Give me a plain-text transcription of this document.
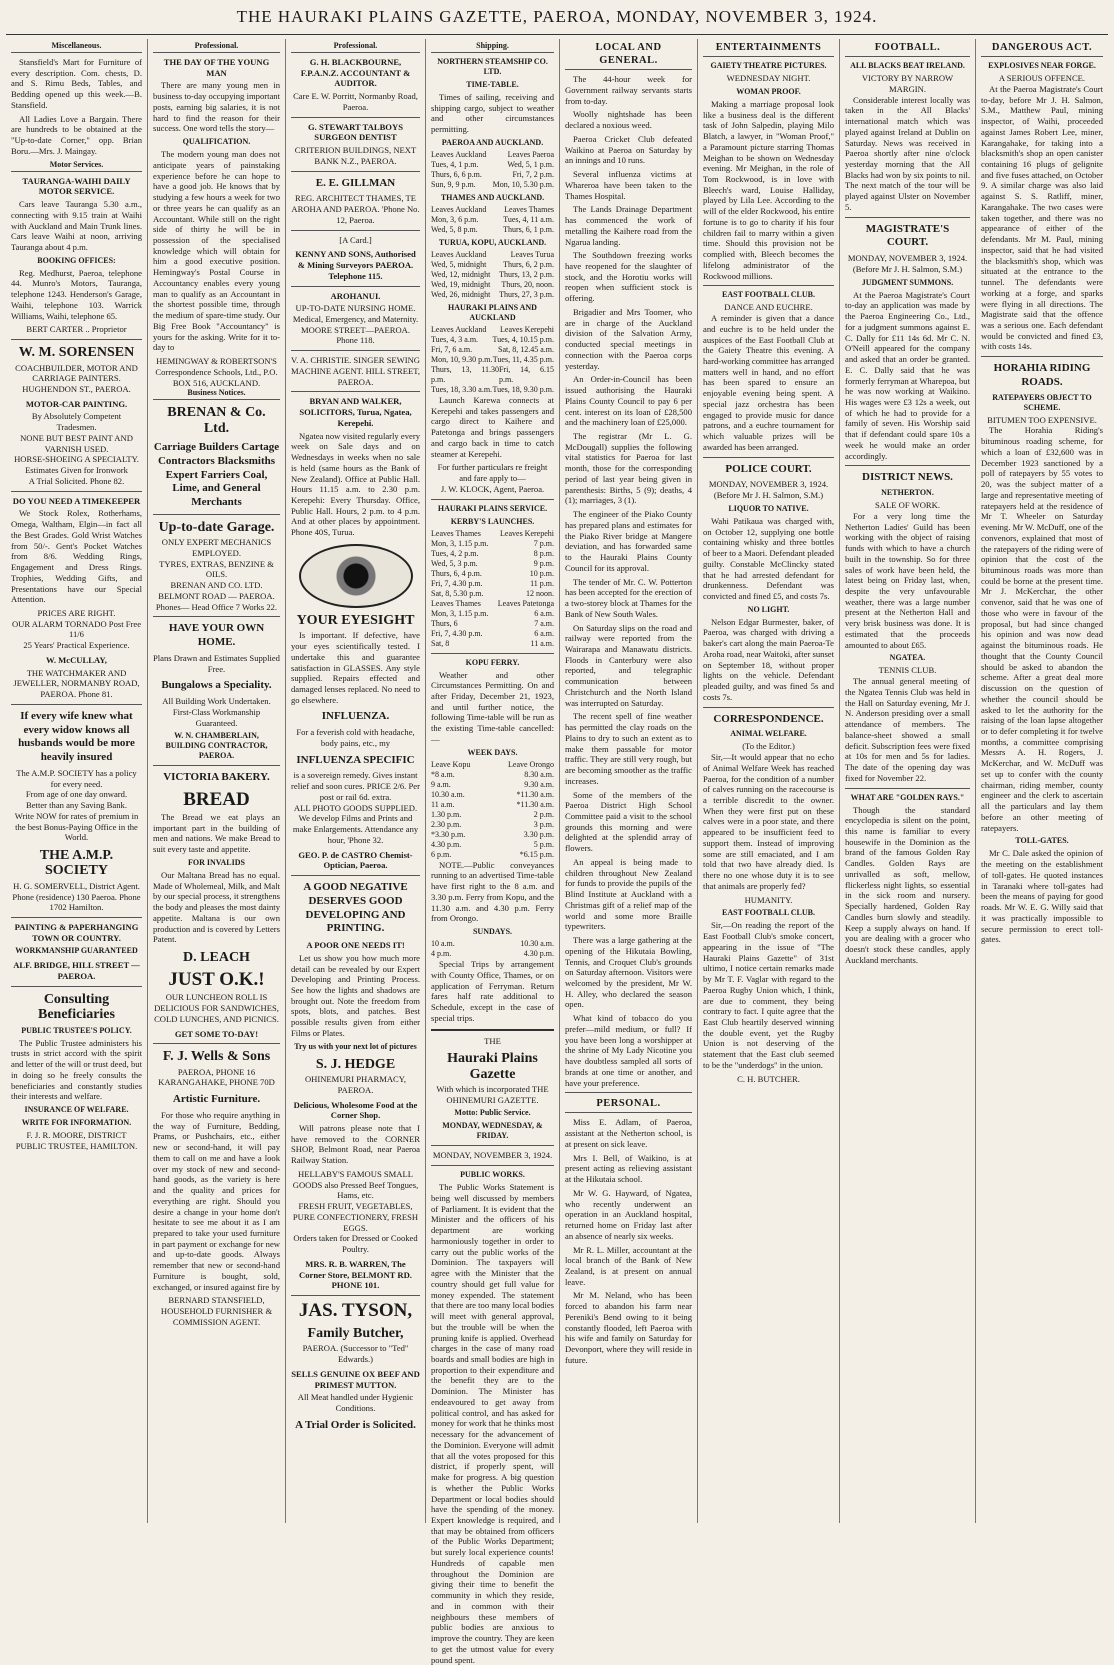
THE HAURAKI PLAINS GAZETTE, PAEROA, MONDAY, NOVEMBER 3, 1924.
Miscellaneous.

Stansfield's Mart for Furniture of every description. Com. chests, D. and S. Rimu Beds, Tables, and Bedding opened up this week.—B. Stansfield.

All Ladies Love a Bargain. There are hundreds to be obtained at the "Up-to-date Corner," opp. Brian Boru.—Mrs. J. Maingay.

Motor Services.
TAURANGA-WAIHI DAILY MOTOR SERVICE.

Cars leave Tauranga 5.30 a.m., connecting with 9.15 train at Waihi with Auckland and Main Trunk lines. Cars leave Waihi at noon, arriving Tauranga about 4 p.m.

BOOKING OFFICES:

Reg. Medhurst, Paeroa, telephone 44. Munro's Motors, Tauranga, telephone 1243. Henderson's Garage, Waihi, telephone 103. Warrick Williams, Waihi, telephone 65.

BERT CARTER .. Proprietor
W. M. SORENSEN
COACHBUILDER, MOTOR AND CARRIAGE PAINTERS. HUGHENDON ST., PAEROA.
MOTOR-CAR PAINTING.
By Absolutely Competent Tradesmen.
NONE BUT BEST PAINT AND VARNISH USED.
HORSE-SHOEING A SPECIALTY.
Estimates Given for Ironwork
A Trial Solicited. Phone 82.
DO YOU NEED A TIMEKEEPER

We Stock Rolex, Rotherhams, Omega, Waltham, Elgin—in fact all the Best Grades. Gold Wrist Watches from 50/-. Gent's Pocket Watches from 8/6. Wedding Rings, Engagement and Dress Rings. Trophies, Wedding Gifts, and Presentations have our Special Attention.

PRICES ARE RIGHT.
OUR ALARM TORNADO Post Free 11/6
25 Years' Practical Experience.
W. McCULLAY,
THE WATCHMAKER AND JEWELLER, NORMANBY ROAD, PAEROA. Phone 81.
If every wife knew what every widow knows all husbands would be more heavily insured
The A.M.P. SOCIETY has a policy for every need.
From age of one day onward.
Better than any Saving Bank.
Write NOW for rates of premium in the best Bonus-Paying Office in the World.
THE A.M.P. SOCIETY
H. G. SOMERVELL, District Agent. Phone (residence) 130 Paeroa. Phone 1702 Hamilton.
PAINTING & PAPERHANGING TOWN OR COUNTRY.
WORKMANSHIP GUARANTEED
ALF. BRIDGE, HILL STREET — PAEROA.
Consulting Beneficiaries
PUBLIC TRUSTEE'S POLICY.

The Public Trustee administers his trusts in strict accord with the spirit and letter of the will or trust deed, but in doing so he freely consults the beneficiaries and constantly studies their interests and welfare.

INSURANCE OF WELFARE.
WRITE FOR INFORMATION.
F. J. R. MOORE, DISTRICT PUBLIC TRUSTEE, HAMILTON.
Professional.
THE DAY OF THE YOUNG MAN

There are many young men in business to-day occupying important posts, earning big salaries, it is not hard to find the reason for their success. One word tells the story—

QUALIFICATION.

The modern young man does not anticipate years of painstaking experience before he can hope to have a good job. He knows that by studying a few hours a week for two or three years he can qualify as an Accountant. While still on the right side of thirty he will be in possession of the specialised knowledge which will obtain for him a good executive position. Hemingway's Postal Course in Accountancy enables every young man to qualify as an Accountant in the shortest possible time, through the medium of spare-time study. Our Big Free Book "Accountancy" is yours for the asking. Write for it to-day to

HEMINGWAY & ROBERTSON'S Correspondence Schools, Ltd., P.O. BOX 516, AUCKLAND.
Business Notices.
BRENAN & Co. Ltd.
Carriage Builders Cartage Contractors Blacksmiths Expert Farriers Coal, Lime, and General Merchants
Up-to-date Garage.
ONLY EXPERT MECHANICS EMPLOYED.
TYRES, EXTRAS, BENZINE & OILS.
BRENAN AND CO. LTD. BELMONT ROAD — PAEROA. Phones— Head Office 7 Works 22.
HAVE YOUR OWN HOME.
Plans Drawn and Estimates Supplied Free.
Bungalows a Speciality.
All Building Work Undertaken. First-Class Workmanship Guaranteed.
W. N. CHAMBERLAIN, BUILDING CONTRACTOR, PAEROA.
VICTORIA BAKERY.
BREAD

The Bread we eat plays an important part in the building of men and nations. We make Bread to suit every taste and appetite.

FOR INVALIDS

Our Maltana Bread has no equal. Made of Wholemeal, Milk, and Malt by our special process, it strengthens the body and pleases the most dainty appetite. Maltana is our own production and is covered by Letters Patent.

D. LEACH
JUST O.K.!
OUR LUNCHEON ROLL IS DELICIOUS FOR SANDWICHES, COLD LUNCHES, AND PICNICS.
GET SOME TO-DAY!
F. J. Wells & Sons
PAEROA, PHONE 16 KARANGAHAKE, PHONE 70D
Artistic Furniture.

For those who require anything in the way of Furniture, Bedding, Prams, or Pushchairs, etc., either new or second-hand, it will pay them to call on me and have a look over my stock of new and second-hand goods, as the variety is here and the quality and prices for everything are right. Should you desire a change in your home don't hesitate to see me about it as I am prepared to take your used furniture in part payment or exchange for new and up-to-date goods. Always remember that new or second-hand Furniture is bought, sold, exchanged, or insured against fire by

BERNARD STANSFIELD, HOUSEHOLD FURNISHER & COMMISSION AGENT.
Professional.
G. H. BLACKBOURNE, F.P.A.N.Z. ACCOUNTANT & AUDITOR.
Care E. W. Porritt, Normanby Road, Paeroa.
G. STEWART TALBOYS SURGEON DENTIST
CRITERION BUILDINGS, NEXT BANK N.Z., PAEROA.
E. E. GILLMAN
REG. ARCHITECT THAMES, TE AROHA AND PAEROA. 'Phone No. 12, Paeroa.
[A Card.]
KENNY AND SONS, Authorised & Mining Surveyors PAEROA. Telephone 115.
AROHANUI.
UP-TO-DATE NURSING HOME. Medical, Emergency, and Maternity. MOORE STREET—PAEROA. Phone 118.
V. A. CHRISTIE. SINGER SEWING MACHINE AGENT. HILL STREET, PAEROA.
BRYAN AND WALKER, SOLICITORS, Turua, Ngatea, Kerepehi.

Ngatea now visited regularly every week on Sale days and on Wednesdays in weeks when no sale is held (same hours as the Bank of New Zealand). Office at Public Hall. Hours 11.15 a.m. to 2.30 p.m. Kerepehi: Every Thursday. Office, Public Hall. Hours, 2 p.m. to 4 p.m. And at other places by appointment. Phone 40S, Turua.

YOUR EYESIGHT

Is important. If defective, have your eyes scientifically tested. I undertake this and guarantee satisfaction in GLASSES. Any style supplied. Repairs effected and damaged lenses replaced. No need to go elsewhere.

INFLUENZA.
For a feverish cold with headache, body pains, etc., my
INFLUENZA SPECIFIC
is a sovereign remedy. Gives instant relief and soon cures. PRICE 2/6. Per post or rail 6d. extra.
ALL PHOTO GOODS SUPPLIED. We develop Films and Prints and make Enlargements. Attendance any hour, 'Phone 32.
GEO. P. de CASTRO Chemist-Optician, Paeroa.
A GOOD NEGATIVE DESERVES GOOD DEVELOPING AND PRINTING.
A POOR ONE NEEDS IT!

Let us show you how much more detail can be revealed by our Expert Developing and Printing Process. See how the lights and shadows are brought out. Note the freedom from spots, blots, and patches. Best possible results given from either Films or Plates.

Try us with your next lot of pictures
S. J. HEDGE
OHINEMURI PHARMACY, PAEROA.
Delicious, Wholesome Food at the Corner Shop.

Will patrons please note that I have removed to the CORNER SHOP, Belmont Road, near Paeroa Railway Station.

HELLABY'S FAMOUS SMALL GOODS also Pressed Beef Tongues, Hams, etc.
FRESH FRUIT, VEGETABLES, PURE CONFECTIONERY, FRESH EGGS.
Orders taken for Dressed or Cooked Poultry.
MRS. R. B. WARREN, The Corner Store, BELMONT RD. PHONE 101.
JAS. TYSON,
Family Butcher,
PAEROA. (Successor to "Ted" Edwards.)
SELLS GENUINE OX BEEF AND PRIMEST MUTTON.
All Meat handled under Hygienic Conditions.
A Trial Order is Solicited.
Shipping.
NORTHERN STEAMSHIP CO. LTD.
TIME-TABLE.

Times of sailing, receiving and shipping cargo, subject to weather and other circumstances permitting.

PAEROA AND AUCKLAND.
Leaves Auckland	Leaves Paeroa
Tues, 4, 1 p.m.	Wed, 5, 1 p.m.
Thurs, 6, 6 p.m.	Fri, 7, 2 p.m.
Sun, 9, 9 p.m. Mon, 10, 5.30 p.m.
THAMES AND AUCKLAND.
Leaves Auckland Leaves Thames
Mon, 3, 6 p.m.	Tues, 4, 11 a.m.
Wed, 5, 8 p.m.	Thurs, 6, 1 p.m.
TURUA, KOPU, AUCKLAND.
Leaves Auckland	Leaves Turua
Wed, 5, midnight Thurs, 6, 2 p.m.
Wed, 12, midnight Thurs, 13, 2 p.m.
Wed, 19, midnight Thurs, 20, noon.
Wed, 26, midnight Thurs, 27, 3 p.m.
HAURAKI PLAINS AND AUCKLAND
Leaves Auckland Leaves Kerepehi
Tues, 4, 3 a.m. Tues, 4, 10.15 p.m.
Fri, 7, 6 a.m.	Sat, 8, 12.45 a.m.
Mon, 10, 9.30 p.m. Tues, 11, 4.35 p.m.
Thurs, 13, 11.30 p.m.
Fri, 14, 6.15 p.m.
Tues, 18, 3.30 a.m. Tues, 18, 9.30 p.m.

Launch Karewa connects at Kerepehi and takes passengers and cargo direct to Kaihere and Patetonga and brings passengers and cargo back in time to catch steamer at Kerepehi.

For further particulars re freight and fare apply to—
J. W. KLOCK, Agent, Paeroa.
HAURAKI PLAINS SERVICE.
KERBY'S LAUNCHES.
Leaves Thames Leaves Kerepehi
Mon, 3, 1.15 p.m.	7 p.m.
Tues, 4, 2 p.m.	8 p.m.
Wed, 5, 3 p.m.	9 p.m.
Thurs, 6, 4 p.m.	10 p.m.
Fri, 7, 4.30 p.m.	11 p.m.
Sat, 8, 5.30 p.m.	12 noon.
Leaves Thames Leaves Patetonga
Mon, 3, 1.15 p.m.	6 a.m.
Thurs, 6	7 a.m.
Fri, 7, 4.30 p.m.	6 a.m.
Sat, 8	11 a.m.
KOPU FERRY.

Weather and other Circumstances Permitting. On and after Friday, December 21, 1923, and until further notice, the following Time-table will be run as the existing Time-table cancelled:—

WEEK DAYS.
Leave Kopu	Leave Orongo
*8 a.m.	8.30 a.m.
9 a.m.	9.30 a.m.
10.30 a.m.	*11.30 a.m.
11 a.m.	*11.30 a.m.
1.30 p.m.	2 p.m.
2.30 p.m.	3 p.m.
*3.30 p.m.	3.30 p.m.
4.30 p.m.	5 p.m.
6 p.m.	*6.15 p.m.

NOTE.—Public conveyances running to an advertised Time-table have first right to the 8 a.m. and 3.30 p.m. Ferry from Kopu, and the 11.30 a.m. and 4.30 p.m. Ferry from Orongo.

SUNDAYS.
10 a.m.	10.30 a.m.
4 p.m.	4.30 p.m.

Special Trips by arrangement with County Office, Thames, or on application of Ferryman. Return fares half rate additional to Schedule, except in the case of special trips.

THE
Hauraki Plains Gazette
With which is incorporated THE OHINEMURI GAZETTE.
Motto: Public Service.
MONDAY, WEDNESDAY, & FRIDAY.
MONDAY, NOVEMBER 3, 1924.
PUBLIC WORKS.

The Public Works Statement is being well discussed by members of Parliament. It is evident that the Minister and the officers of his department are working harmoniously together in order to carry out the public works of the Dominion. The taxpayers will agree with the Minister that the country should get full value for money expended. The statement that there are too many local bodies will meet with general approval, but the trouble will be when the pruning knife is applied. Overhead charges in the case of many road boards and small bodies are high in proportion to their expenditure and the benefit they are to the Dominion. The Minister has endeavoured to get away from political control, and has asked for money for work that he thinks most necessary for the advancement of the Dominion. Everyone will admit that all the votes proposed for this district, if properly spent, will make for progress. A big question is whether the Public Works Department or local bodies should have the spending of the money. Expert knowledge is required, and that may be obtained from officers of the Public Works Department; but surely local experience counts! Hundreds of capable men throughout the Dominion are giving their time to benefit the community in which they reside, and in common with their neighbours these members of public bodies are anxious to improve the country. They are keen to get the utmost value for every pound spent.

LOCAL AND GENERAL.

The 44-hour week for Government railway servants starts from to-day.

Woolly nightshade has been declared a noxious weed.

Paeroa Cricket Club defeated Waikino at Paeroa on Saturday by an innings and 10 runs.

Several influenza victims at Whareroa have been taken to the Thames Hospital.

The Lands Drainage Department has commenced the work of metalling the Kaihere road from the Ngarua landing.

The Southdown freezing works have reopened for the slaughter of stock, and the Horotiu works will reopen when sufficient stock is offering.

Brigadier and Mrs Toomer, who are in charge of the Auckland division of the Salvation Army, conducted special meetings in connection with the Paeroa corps yesterday.

An Order-in-Council has been issued authorising the Hauraki Plains County Council to pay 6 per cent. interest on its loan of £28,500 and the machinery loan of £25,000.

The registrar (Mr L. G. McDougall) supplies the following vital statistics for Paeroa for last month, those for the corresponding period of last year being given in parenthesis: Births, 5 (9); deaths, 4 (1); marriages, 3 (1).

The engineer of the Piako County has prepared plans and estimates for the Piako River bridge at Mangere deviation, and has forwarded same to the Hauraki Plains County Council for its approval.

The tender of Mr. C. W. Potterton has been accepted for the erection of a two-storey block at Thames for the Bank of New South Wales.

On Saturday slips on the road and railway were reported from the Wairarapa and Manawatu districts. Floods in Canterbury were also reported, and telegraphic communication between Christchurch and the North Island was interrupted on Saturday.

The recent spell of fine weather has permitted the clay roads on the Plains to dry to such an extent as to make them passable for motor traffic. They are still very rough, but are becoming smoother as the traffic increases.

Some of the members of the Paeroa District High School Committee paid a visit to the school grounds this morning and were delighted at the splendid array of flowers.

An appeal is being made to children throughout New Zealand for funds to provide the pupils of the Blind Institute at Auckland with a Christmas gift of a relief map of the world and some more Braille typewriters.

There was a large gathering at the opening of the Hikutaia Bowling, Tennis, and Croquet Club's grounds on Saturday afternoon. Visitors were welcomed by the president, Mr W. H. Alley, who declared the season open.

What kind of tobacco do you prefer—mild medium, or full? If you have been long a worshipper at the shrine of My Lady Nicotine you have doubtless sampled all sorts of brands at one time or another, and have your preference.

PERSONAL.

Miss E. Adlam, of Paeroa, assistant at the Netherton school, is at present on sick leave.

Mrs I. Bell, of Waikino, is at present acting as relieving assistant at the Hikutaia school.

Mr W. G. Hayward, of Ngatea, who recently underwent an operation in an Auckland hospital, returned home on Friday last after an absence of nearly six weeks.

Mr R. L. Miller, accountant at the local branch of the Bank of New Zealand, is at present on annual leave.

Mr M. Neland, who has been forced to abandon his farm near Pereniki's Bend owing to it being constantly flooded, left Paeroa with his wife and family on Saturday for Devonport, where they will reside in future.

ENTERTAINMENTS
GAIETY THEATRE PICTURES.
WEDNESDAY NIGHT.
WOMAN PROOF.

Making a marriage proposal look like a business deal is the different task of John Salpedin, playing Milo Blatch, a lawyer, in "Woman Proof," a Paramount picture starring Thomas Meighan to be shown on Wednesday evening. Mr Meighan, in the role of Tom Rockwood, is in love with Bleech's ward, Louise Halliday, played by Lila Lee. According to the will of the elder Rockwood, his entire fortune is to go to charity if his four children fail to marry within a given time. Should this provision not be complied with, Bleech becomes the lifelong administrator of the Rockwood millions.

EAST FOOTBALL CLUB.
DANCE AND EUCHRE.

A reminder is given that a dance and euchre is to be held under the auspices of the East Football Club at the Gaiety Theatre this evening. A hard-working committee has arranged matters well in hand, and no effort has been spared to ensure an enjoyable evening being spent. A special jazz orchestra has been engaged to provide music for dance patrons, and a euchre tournament for which valuable prizes will be awarded has been arranged.

POLICE COURT.
MONDAY, NOVEMBER 3, 1924.
(Before Mr J. H. Salmon, S.M.)
LIQUOR TO NATIVE.

Wahi Patikaua was charged with, on October 12, supplying one bottle containing whisky and three bottles of beer to a Maori. Defendant pleaded guilty. Constable McClincky stated that he had arrested defendant for drunkenness. Defendant was convicted and fined £5, and costs 7s.

NO LIGHT.

Nelson Edgar Burmester, baker, of Paeroa, was charged with driving a baker's cart along the main Paeroa-Te Aroha road, near Waitoki, after sunset on September 18, without proper lights on the vehicle. Defendant pleaded guilty, and was fined 5s and costs 7s.

CORRESPONDENCE.
ANIMAL WELFARE.
(To the Editor.)

Sir,—It would appear that no echo of Animal Welfare Week has reached Paeroa, for the condition of a number of calves running on the racecourse is a terrible discredit to the owner. When they were first put on these calves were in a poor state, and there appeared to be insufficient feed to support them. Instead of improving some are still emaciated, and I am told that two have already died. Is there no one whose duty it is to see that animals are properly fed?

HUMANITY.
EAST FOOTBALL CLUB.

Sir,—On reading the report of the East Football Club's smoke concert, appearing in the issue of "The Hauraki Plains Gazette" of 31st ultimo, I notice certain remarks made by Mr T. F. Vaglar with regard to the Paeroa Rugby Union which, I think, are due to comment, they being contrary to fact. I quite agree that the East Club heartily deserved winning the double event, yet the Rugby Union is not deserving of the statement that the East club seemed to be the "underdogs" in the union.

C. H. BUTCHER.
FOOTBALL.
ALL BLACKS BEAT IRELAND.
VICTORY BY NARROW MARGIN.

Considerable interest locally was taken in the All Blacks' international match which was played against Ireland at Dublin on Saturday. News was received in Paeroa shortly after nine o'clock yesterday morning that the All Blacks had won by six points to nil. The next match of the tour will be played against Ulster on November 5.

MAGISTRATE'S COURT.
MONDAY, NOVEMBER 3, 1924.
(Before Mr J. H. Salmon, S.M.)
JUDGMENT SUMMONS.

At the Paeroa Magistrate's Court to-day an application was made by the Paeroa Engineering Co., Ltd., for a judgment summons against E. C. Dally for £11 14s 6d. Mr C. N. O'Neill appeared for the company and asked that an order be granted. E. C. Dally said that he was formerly ferryman at Wharepoa, but he was now working at Waikino. His wages were £3 12s a week, out of which he had to provide for a family of seven. His Worship said that if defendant could spare 10s a week he would make an order accordingly.

DISTRICT NEWS.
NETHERTON.
SALE OF WORK.

For a very long time the Netherton Ladies' Guild has been working with the object of raising funds with which to have a church built in the township. So for three sales of work have been held, the latest being on Friday last, when, despite the very unfavourable weather, there was a large number present at the Netherton Hall and very brisk business was done. It is estimated that the proceeds amounted to about £65.

NGATEA.
TENNIS CLUB.

The annual general meeting of the Ngatea Tennis Club was held in the Hall on Saturday evening, Mr J. N. Anderson presiding over a small attendance of members. The balance-sheet showed a small deficit. Subscription fees were fixed at 10s for men and 5s for ladies. The date of the opening day was fixed for November 22.

WHAT ARE "GOLDEN RAYS."

Though the standard encyclopedia is silent on the point, this name is familiar to every housewife in the Dominion as the brand of the famous Golden Ray Candles. Golden Rays are unrivalled as soft, mellow, flickerless night lights, so essential in the sick room and nursery. Specially hardened, Golden Ray Candles burn slowly and steadily. Keep a supply always on hand. If you are dealing with a grocer who doesn't stock these candles, apply Auckland merchants.

DANGEROUS ACT.
EXPLOSIVES NEAR FORGE.
A SERIOUS OFFENCE.

At the Paeroa Magistrate's Court to-day, before Mr J. H. Salmon, S.M., Matthew Paul, mining inspector, of Waihi, proceeded against James Robert Lee, miner, Karangahake, for taking into a blacksmith's shop an open canister containing 16 plugs of gelignite and five fuses attached, on October 9. A similar charge was also laid against S. S. Ratliff, miner, Karangahake. The two cases were taken together, and there was no appearance of either of the defendants. Mr M. Paul, mining inspector, said that he had visited the blacksmith's shop, which was situated at the entrance to the tunnel. The defendants were working at a forge, and sparks were flying in all directions. The Magistrate said that the offence was a serious one. Each defendant would be convicted and fined £3, with costs 14s.

HORAHIA RIDING ROADS.
RATEPAYERS OBJECT TO SCHEME.
BITUMEN TOO EXPENSIVE.

The Horahia Riding's bituminous roading scheme, for which a loan of £32,600 was in December 1923 sanctioned by a poll of ratepayers by 55 votes to 20, was the subject matter of a large and representative meeting of ratepayers held at the residence of Mr T. Wheeler on Saturday evening. Mr W. McDuff, one of the convenors, explained that most of the ratepayers of the riding were of opinion that the cost of the bituminous roads was more than could be borne at the present time. Mr J. McKerchar, the other convenor, said that he was one of those who were in favour of the proposal, but had since changed his opinion and was now dead against the bituminous roads. He thought that the County Council should be asked to abandon the scheme. After a great deal more discussion on the question of whether the council should be asked to let the authority for the raising of the loan lapse altogether or to defer completing it for twelve months, a committee comprising Messrs A. H. Rogers, J. McKerchar, and W. McDuff was set up to confer with the county chairman, riding member, county engineer and the clerk to ascertain all the particulars and lay them before an other meeting of ratepayers.

TOLL-GATES.

Mr C. Dale asked the opinion of the meeting on the establishment of toll-gates. He quoted instances in Taranaki where toll-gates had been the means of paying for good roads. Mr W. E. G. Willy said that it was practically impossible to secure permission to erect toll-gates.
